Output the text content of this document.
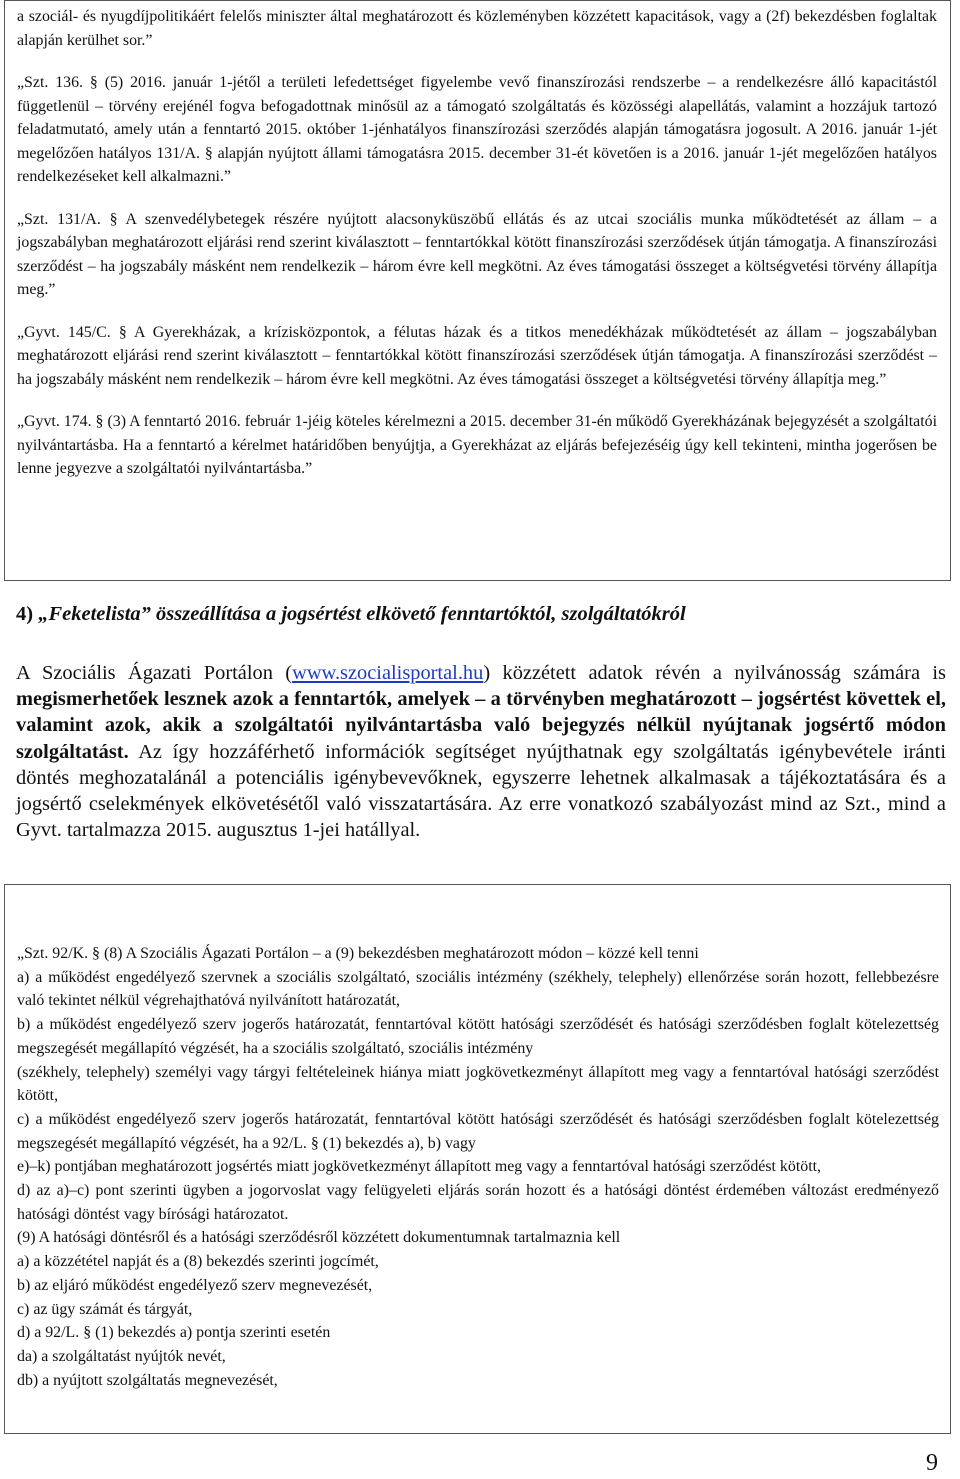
a szociál- és nyugdíjpolitikáért felelős miniszter által meghatározott és közleményben közzétett kapacitások, vagy a (2f) bekezdésben foglaltak alapján kerülhet sor.”

„Szt. 136. § (5) 2016. január 1-jétől a területi lefedettséget figyelembe vevő finanszírozási rendszerbe – a rendelkezésre álló kapacitástól függetlenül – törvény erejénél fogva befogadottnak minősül az a támogató szolgáltatás és közösségi alapellátás, valamint a hozzájuk tartozó feladatmutató, amely után a fenntartó 2015. október 1-jénhatályos finanszírozási szerződés alapján támogatásra jogosult. A 2016. január 1-jét megelőzően hatályos 131/A. § alapján nyújtott állami támogatásra 2015. december 31-ét követően is a 2016. január 1-jét megelőzően hatályos rendelkezéseket kell alkalmazni.”

„Szt. 131/A. § A szenvedélybetegek részére nyújtott alacsonyküszöbű ellátás és az utcai szociális munka működtetését az állam – a jogszabályban meghatározott eljárási rend szerint kiválasztott – fenntartókkal kötött finanszírozási szerződések útján támogatja. A finanszírozási szerződést – ha jogszabály másként nem rendelkezik – három évre kell megkötni. Az éves támogatási összeget a költségvetési törvény állapítja meg.”

„Gyvt. 145/C. § A Gyerekházak, a krízisközpontok, a félutas házak és a titkos menedékházak működtetését az állam – jogszabályban meghatározott eljárási rend szerint kiválasztott – fenntartókkal kötött finanszírozási szerződések útján támogatja. A finanszírozási szerződést – ha jogszabály másként nem rendelkezik – három évre kell megkötni. Az éves támogatási összeget a költségvetési törvény állapítja meg.”

„Gyvt. 174. § (3) A fenntartó 2016. február 1-jéig köteles kérelmezni a 2015. december 31-én működő Gyerekházának bejegyzését a szolgáltatói nyilvántartásba. Ha a fenntartó a kérelmet határidőben benyújtja, a Gyerekházat az eljárás befejezéséig úgy kell tekinteni, mintha jogerősen be lenne jegyezve a szolgáltatói nyilvántartásba.”

4) „Feketelista” összeállítása a jogsértést elkövető fenntartóktól, szolgáltatókról

A Szociális Ágazati Portálon (www.szocialisportal.hu) közzétett adatok révén a nyilvánosság számára is megismerhetőek lesznek azok a fenntartók, amelyek – a törvényben meghatározott – jogsértést követtek el, valamint azok, akik a szolgáltatói nyilvántartásba való bejegyzés nélkül nyújtanak jogsértő módon szolgáltatást. Az így hozzáférhető információk segítséget nyújthatnak egy szolgáltatás igénybevétele iránti döntés meghozatalánál a potenciális igénybevevőknek, egyszerre lehetnek alkalmasak a tájékoztatására és a jogsértő cselekmények elkövetésétől való visszatartására. Az erre vonatkozó szabályozást mind az Szt., mind a Gyvt. tartalmazza 2015. augusztus 1-jei hatállyal.

„Szt. 92/K. § (8) A Szociális Ágazati Portálon – a (9) bekezdésben meghatározott módon – közzé kell tenni

a) a működést engedélyező szervnek a szociális szolgáltató, szociális intézmény (székhely, telephely) ellenőrzése során hozott, fellebbezésre való tekintet nélkül végrehajthatóvá nyilvánított határozatát,

b) a működést engedélyező szerv jogerős határozatát, fenntartóval kötött hatósági szerződését és hatósági szerződésben foglalt kötelezettség megszegését megállapító végzését, ha a szociális szolgáltató, szociális intézmény

(székhely, telephely) személyi vagy tárgyi feltételeinek hiánya miatt jogkövetkezményt állapított meg vagy a fenntartóval hatósági szerződést kötött,

c) a működést engedélyező szerv jogerős határozatát, fenntartóval kötött hatósági szerződését és hatósági szerződésben foglalt kötelezettség megszegését megállapító végzését, ha a 92/L. § (1) bekezdés a), b) vagy

e)–k) pontjában meghatározott jogsértés miatt jogkövetkezményt állapított meg vagy a fenntartóval hatósági szerződést kötött,

d) az a)–c) pont szerinti ügyben a jogorvoslat vagy felügyeleti eljárás során hozott és a hatósági döntést érdemében változást eredményező hatósági döntést vagy bírósági határozatot.

(9) A hatósági döntésről és a hatósági szerződésről közzétett dokumentumnak tartalmaznia kell

a) a közzététel napját és a (8) bekezdés szerinti jogcímét,

b) az eljáró működést engedélyező szerv megnevezését,

c) az ügy számát és tárgyát,

d) a 92/L. § (1) bekezdés a) pontja szerinti esetén

da) a szolgáltatást nyújtók nevét,

db) a nyújtott szolgáltatás megnevezését,

9
